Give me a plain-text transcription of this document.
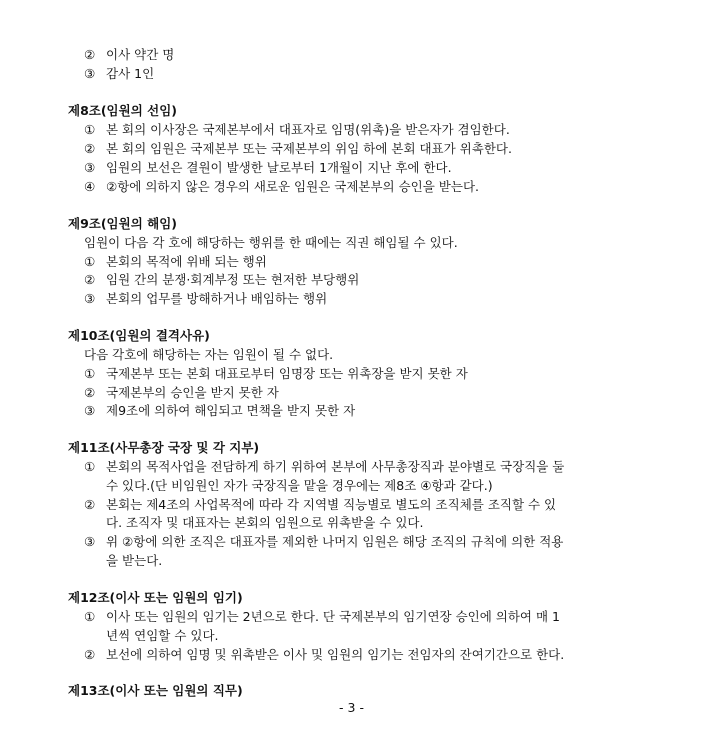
② 이사 약간 명
③ 감사 1인
제8조(임원의 선임)
① 본 회의 이사장은 국제본부에서 대표자로 임명(위촉)을 받은자가 겸임한다.
② 본 회의 임원은 국제본부 또는 국제본부의 위임 하에 본회 대표가 위촉한다.
③ 임원의 보선은 결원이 발생한 날로부터 1개월이 지난 후에 한다.
④ ②항에 의하지 않은 경우의 새로운 임원은 국제본부의 승인을 받는다.
제9조(임원의 해임)
임원이 다음 각 호에 해당하는 행위를 한 때에는 직권 해임될 수 있다.
① 본회의 목적에 위배 되는 행위
② 임원 간의 분쟁·회계부정 또는 현저한 부당행위
③ 본회의 업무를 방해하거나 배임하는 행위
제10조(임원의 결격사유)
다음 각호에 해당하는 자는 임원이 될 수 없다.
① 국제본부 또는 본회 대표로부터 임명장 또는 위촉장을 받지 못한 자
② 국제본부의 승인을 받지 못한 자
③ 제9조에 의하여 해임되고 면책을 받지 못한 자
제11조(사무총장 국장 및 각 지부)
① 본회의 목적사업을 전담하게 하기 위하여 본부에 사무총장직과 분야별로 국장직을 둘
수 있다.(단 비임원인 자가 국장직을 맡을 경우에는 제8조 ④항과 같다.)
② 본회는 제4조의 사업목적에 따라 각 지역별 직능별로 별도의 조직체를 조직할 수 있
다. 조직자 및 대표자는 본회의 임원으로 위촉받을 수 있다.
③ 위 ②항에 의한 조직은 대표자를 제외한 나머지 임원은 해당 조직의 규칙에 의한 적용
을 받는다.
제12조(이사 또는 임원의 임기)
① 이사 또는 임원의 임기는 2년으로 한다. 단 국제본부의 임기연장 승인에 의하여 매 1
년씩 연임할 수 있다.
② 보선에 의하여 임명 및 위촉받은 이사 및 임원의 임기는 전임자의 잔여기간으로 한다.
제13조(이사 또는 임원의 직무)
- 3 -
